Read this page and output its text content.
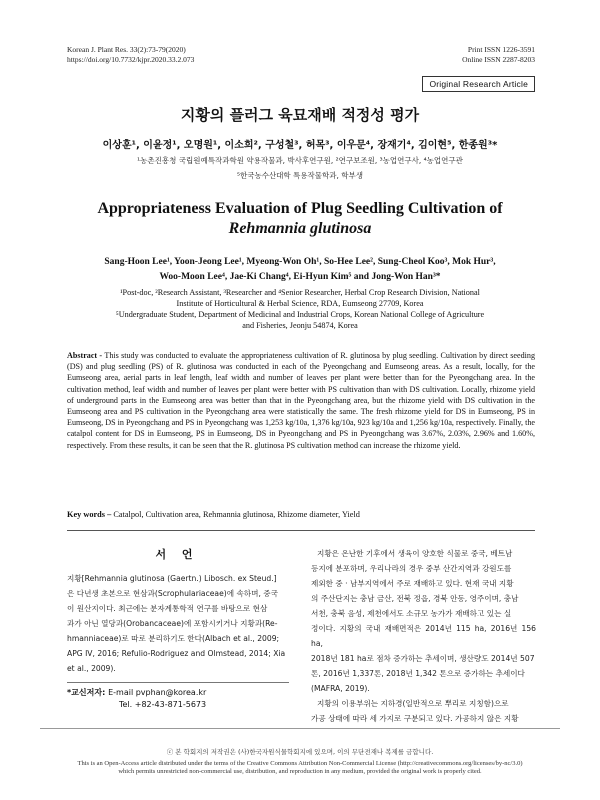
Korean J. Plant Res. 33(2):73-79(2020)
https://doi.org/10.7732/kjpr.2020.33.2.073
Print ISSN 1226-3591
Online ISSN 2287-8203
Original Research Article
지황의 플러그 육묘재배 적정성 평가
이상훈¹, 이윤정¹, 오명원¹, 이소희², 구성철³, 허목³, 이우문⁴, 장재기⁴, 김이현⁵, 한종원³*
¹농촌진흥청 국립원예특작과학원 약용작물과, 박사후연구원, ²연구보조원, ³농업연구사, ⁴농업연구관
⁵한국농수산대학 특용작물학과, 학부생
Appropriateness Evaluation of Plug Seedling Cultivation of
Rehmannia glutinosa
Sang-Hoon Lee¹, Yoon-Jeong Lee¹, Myeong-Won Oh¹, So-Hee Lee², Sung-Cheol Koo³, Mok Hur³,
Woo-Moon Lee⁴, Jae-Ki Chang⁴, Ei-Hyun Kim⁵ and Jong-Won Han³*
¹Post-doc, ²Research Assistant, ³Researcher and ⁴Senior Researcher, Herbal Crop Research Division, National
Institute of Horticultural & Herbal Science, RDA, Eumseong 27709, Korea
⁵Undergraduate Student, Department of Medicinal and Industrial Crops, Korean National College of Agriculture
and Fisheries, Jeonju 54874, Korea
Abstract - This study was conducted to evaluate the appropriateness cultivation of R. glutinosa by plug seedling. Cultivation by direct seeding (DS) and plug seedling (PS) of R. glutinosa was conducted in each of the Pyeongchang and Eumseong areas. As a result, locally, for the Eumseong area, aerial parts in leaf length, leaf width and number of leaves per plant were better than for the Pyeongchang area. In the cultivation method, leaf width and number of leaves per plant were better with PS cultivation than with DS cultivation. Locally, rhizome yield of underground parts in the Eumseong area was better than that in the Pyeongchang area, but the rhizome yield with DS cultivation in the Eumseong area and PS cultivation in the Pyeongchang area were statistically the same. The fresh rhizome yield for DS in Eumseong, PS in Eumseong, DS in Pyeongchang and PS in Pyeongchang was 1,253 kg/10a, 1,376 kg/10a, 923 kg/10a and 1,256 kg/10a, respectively. Finally, the catalpol content for DS in Eumseong, PS in Eumseong, DS in Pyeongchang and PS in Pyeongchang was 3.67%, 2.03%, 2.96% and 1.60%, respectively. From these results, it can be seen that the R. glutinosa PS cultivation method can increase the rhizome yield.
Key words – Catalpol, Cultivation area, Rehmannia glutinosa, Rhizome diameter, Yield
서 언
지황[Rehmannia glutinosa (Gaertn.) Libosch. ex Steud.]
은 다년생 초본으로 현삼과(Scrophulariaceae)에 속하며, 중국
이 원산지이다. 최근에는 분자계통학적 연구를 바탕으로 현삼
과가 아닌 열당과(Orobancaceae)에 포함시키거나 지황과(Re-
hmanniaceae)로 따로 분리하기도 한다(Albach et al., 2009;
APG IV, 2016; Refulio-Rodriguez and Olmstead, 2014; Xia
et al., 2009).
*교신저자: E-mail pvphan@korea.kr
Tel. +82-43-871-5673
지황은 온난한 기후에서 생육이 양호한 식물로 중국, 베트남
등지에 분포하며, 우리나라의 경우 중부 산간지역과 강원도를
제외한 중 · 남부지역에서 주로 재배하고 있다. 현재 국내 지황
의 주산단지는 충남 금산, 전북 정읍, 경북 안동, 영주이며, 충남
서천, 충북 음성, 제천에서도 소규모 농가가 재배하고 있는 실
정이다. 지황의 국내 재배면적은 2014년 115 ha, 2016년 156 ha,
2018년 181 ha로 점차 증가하는 추세이며, 생산량도 2014년 507
톤, 2016년 1,337톤, 2018년 1,342 톤으로 증가하는 추세이다
(MAFRA, 2019).
지황의 이용부위는 지하경(일반적으로 뿌리로 지칭함)으로
가공 상태에 따라 세 가지로 구분되고 있다. 가공하지 않은 지황
ⓒ 본 학회지의 저작권은 (사)한국자원식물학회지에 있으며, 이의 무단전재나 복제를 금합니다.
This is an Open-Access article distributed under the terms of the Creative Commons Attribution Non-Commercial License (http://creativecommons.org/licenses/by-nc/3.0)
which permits unrestricted non-commercial use, distribution, and reproduction in any medium, provided the original work is properly cited.
